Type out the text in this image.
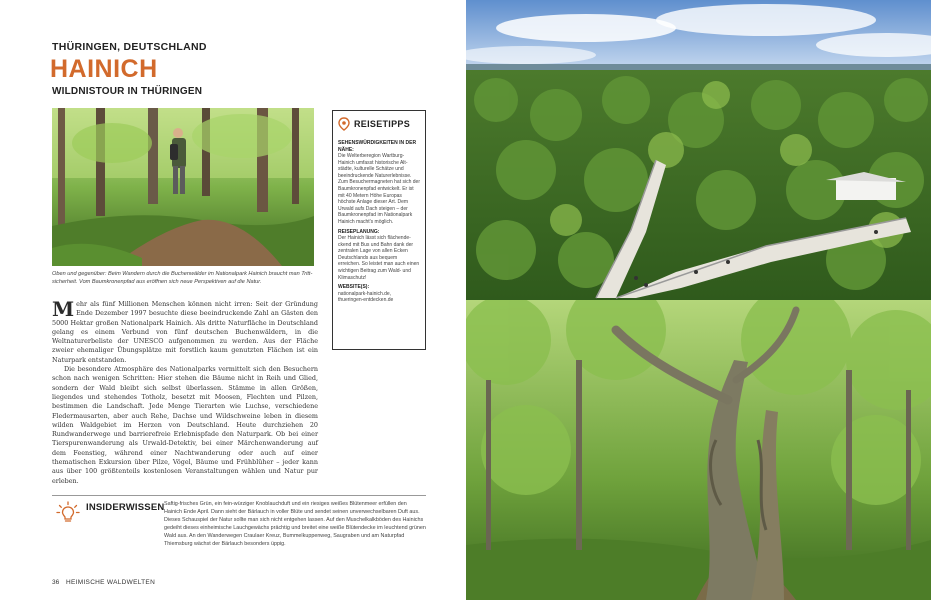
THÜRINGEN, DEUTSCHLAND
HAINICH
WILDNISTOUR IN THÜRINGEN
Oben und gegenüber: Beim Wandern durch die Buchenwälder im Nationalpark Hainich braucht man Trittsicherheit. Vom Baumkronenpfad aus eröffnen sich neue Perspektiven auf die Natur.

Mehr als fünf Millionen Menschen können nicht irren: Seit der Gründung Ende Dezember 1997 besuchte diese beeindruckende Zahl an Gästen den 5000 Hektar großen Nationalpark Hainich. Als dritte Naturfläche in Deutschland gelang es einem Verbund von fünf deutschen Buchenwäldern, in die Weltnaturerbeliste der UNESCO aufgenommen zu werden. Aus der Fläche zweier ehemaliger Übungsplätze mit forstlich kaum genutzten Flächen ist ein Naturpark entstanden.

Die besondere Atmosphäre des Nationalparks vermittelt sich den Besuchern schon nach wenigen Schritten: Hier stehen die Bäume nicht in Reih und Glied, sondern der Wald bleibt sich selbst überlassen. Stämme in allen Größen, liegendes und stehendes Totholz, besetzt mit Moosen, Flechten und Pilzen, bestimmen die Landschaft. Jede Menge Tierarten wie Luchse, verschiedene Fledermausarten, aber auch Rehe, Dachse und Wildschweine leben in diesem wilden Waldgebiet im Herzen von Deutschland. Heute durchziehen 20 Rundwanderwege und barrierefreie Erlebnispfade den Naturpark. Ob bei einer Tierspurenwanderung als Urwald-Detektiv, bei einer Märchenwanderung auf dem Feenstieg, während einer Nachtwanderung oder auch auf einer thematischen Exkursion über Pilze, Vögel, Bäume und Frühblüher – jeder kann aus über 100 größtenteils kostenlosen Veranstaltungen wählen und Natur pur erleben.

REISETIPPS
SEHENSWÜRDIGKEITEN IN DER NÄHE:
Die Welterberegion Wartburg-Hainich umfasst historische Altstädte, kulturelle Schätze und beeindruckende Naturerlebnisse. Zum Besuchermagneten hat sich der Baumkronenpfad entwickelt. Er ist mit 40 Metern Höhe Europas höchste Anlage dieser Art. Dem Urwald aufs Dach steigen – der Baumkronenpfad im Nationalpark Hainich macht's möglich.
REISEPLANUNG:
Der Hainich lässt sich flächendeckend mit Bus und Bahn dank der zentralen Lage von allen Ecken Deutschlands aus bequem erreichen. So leistet man auch einen wichtigen Beitrag zum Wald- und Klimaschutz!
WEBSITE(S):
nationalpark-hainich.de,
thueringen-entdecken.de
INSIDERWISSEN Saftig-frisches Grün, ein fein-würziger Knoblauchduft und ein riesiges weißes Blütenmeer erfüllen den Hainich Ende April. Dann sieht der Bärlauch in voller Blüte und sendet seinen unverwechselbaren Duft aus. Dieses Schauspiel der Natur sollte man sich nicht entgehen lassen. Auf den Muschelkalkböden des Hainichs gedeiht dieses einheimische Lauchgewächs prächtig und breitet eine weiße Blütendecke im leuchtend grünen Wald aus. An den Wanderwegen Craulaer Kreuz, Bummelkuppenweg, Saugraben und am Naturpfad Thiemsburg wächst der Bärlauch besonders üppig.
36 HEIMISCHE WALDWELTEN
